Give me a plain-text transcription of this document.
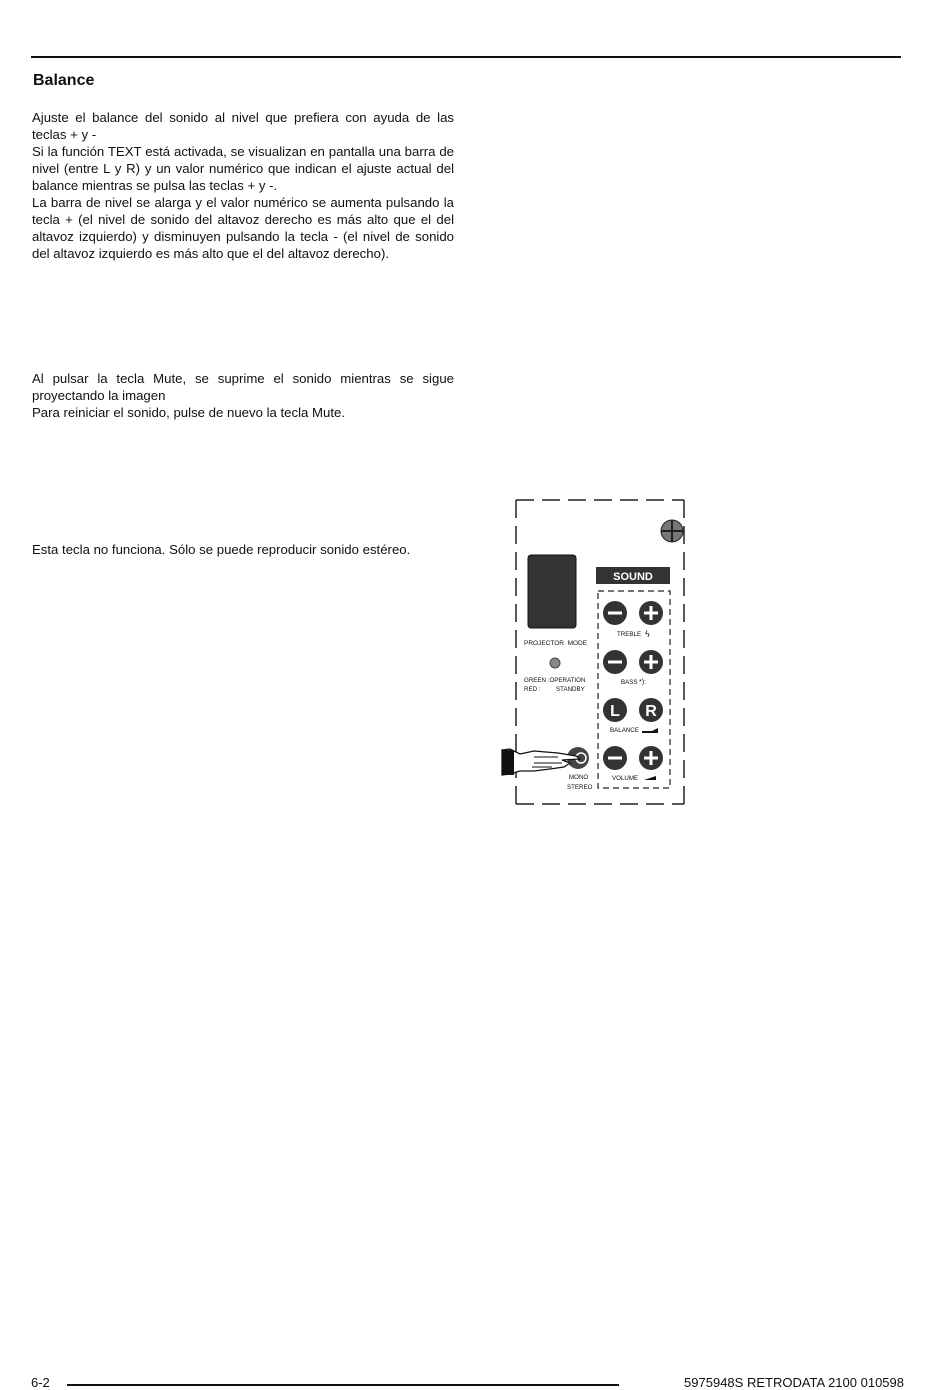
Balance

Ajuste el balance del sonido al nivel que prefiera con ayuda de las teclas + y -
Si la función TEXT está activada, se visualizan en pantalla una barra de nivel (entre L y R) y un valor numérico que indican el ajuste actual del balance mientras se pulsa las teclas + y -.
La barra de nivel se alarga y el valor numérico se aumenta pulsando la tecla + (el nivel de sonido del altavoz derecho es más alto que el del altavoz izquierdo) y disminuyen pulsando la tecla - (el nivel de sonido del altavoz izquierdo es más alto que el del altavoz derecho).

Al pulsar la tecla Mute, se suprime el sonido mientras se sigue proyectando la imagen
Para reiniciar el sonido, pulse de nuevo la tecla Mute.

Esta tecla no funciona. Sólo se puede reproducir sonido estéreo.

PROJECTOR  MODE
GREEN :OPERATION
RED : STANDBY
SOUND
TREBLE ϟ
BASS *):
L R
BALANCE
VOLUME
MONO
STEREO
6-2	5975948S RETRODATA 2100 010598
